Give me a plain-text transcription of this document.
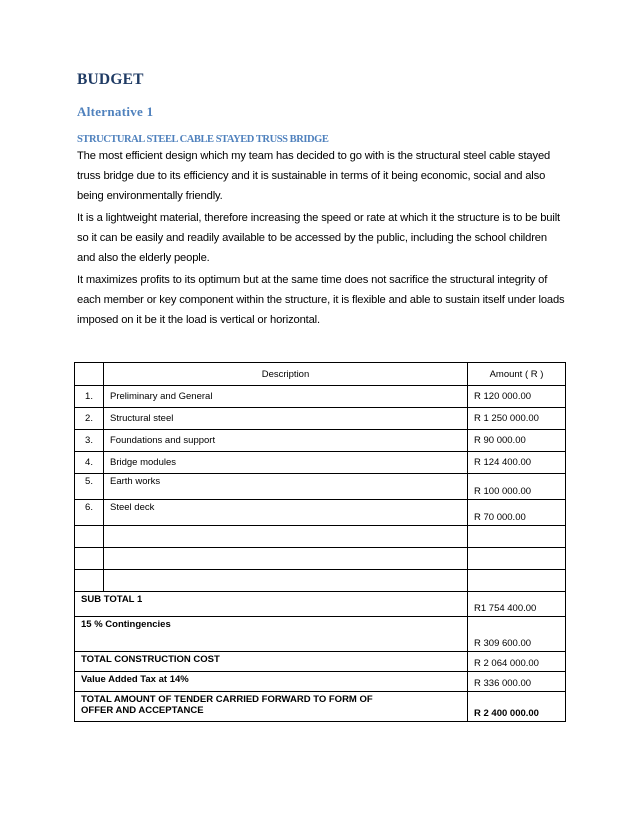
BUDGET
Alternative 1
STRUCTURAL STEEL CABLE STAYED TRUSS BRIDGE

The most efficient design which my team has decided to go with is the structural steel cable stayed truss bridge due to its efficiency and it is sustainable in terms of it being economic, social and also being environmentally friendly.

It is a lightweight material, therefore increasing the speed or rate at which it the structure is to be built so it can be easily and readily available to be accessed by the public, including the school children and also the elderly people.

It maximizes profits to its optimum but at the same time does not sacrifice the structural integrity of each member or key component within the structure, it is flexible and able to sustain itself under loads imposed on it be it the load is vertical or horizontal.

	Description	Amount ( R )
1.	Preliminary and General	R 120 000.00
2.	Structural steel	R 1 250 000.00
3.	Foundations and support	R 90 000.00
4.	Bridge modules	R 124 400.00
5.	Earth works	R 100 000.00
6.	Steel deck	R 70 000.00

SUB TOTAL 1		R1 754 400.00
15 % Contingencies		R 309 600.00
TOTAL CONSTRUCTION COST		R 2 064 000.00
Value Added Tax at 14%		R 336 000.00
TOTAL AMOUNT OF TENDER CARRIED FORWARD TO FORM OF OFFER AND ACCEPTANCE		R 2 400 000.00
